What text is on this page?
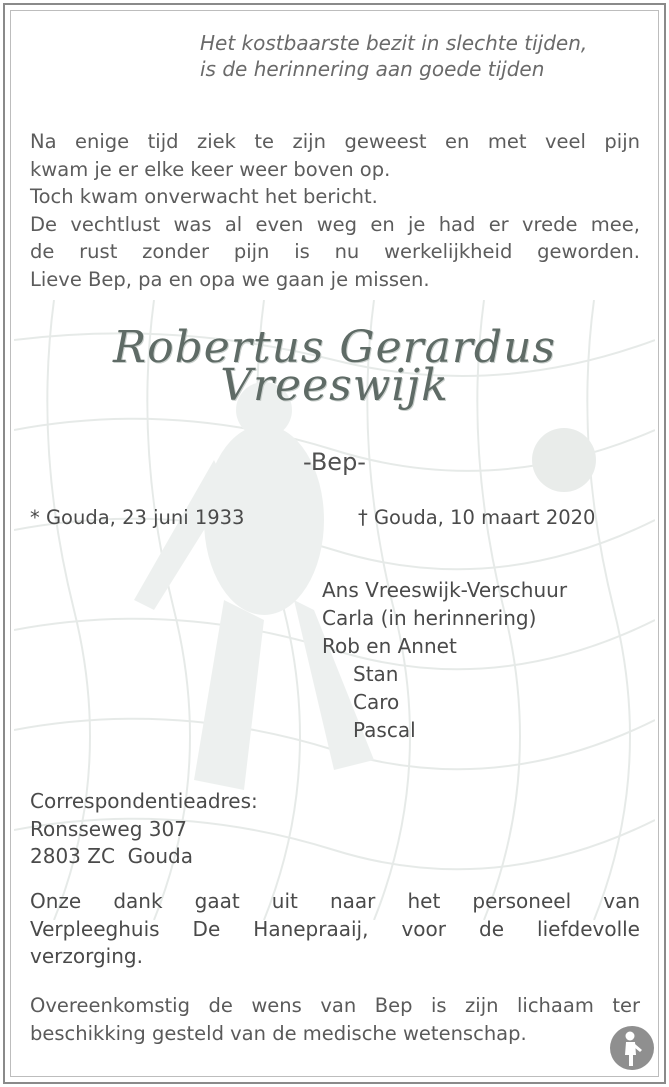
Het kostbaarste bezit in slechte tijden,
is de herinnering aan goede tijden
Na enige tijd ziek te zijn geweest en met veel pijn
kwam je er elke keer weer boven op.
Toch kwam onverwacht het bericht.
De vechtlust was al even weg en je had er vrede mee,
de rust zonder pijn is nu werkelijkheid geworden.
Lieve Bep, pa en opa we gaan je missen.
Robertus Gerardus
Vreeswijk
-Bep-
* Gouda, 23 juni 1933	† Gouda, 10 maart 2020
Ans Vreeswijk-Verschuur
Carla (in herinnering)
Rob en Annet
Stan
Caro
Pascal
Correspondentieadres:
Ronsseweg 307
2803 ZC  Gouda
Onze dank gaat uit naar het personeel van
Verpleeghuis De Hanepraaij, voor de liefdevolle
verzorging.
Overeenkomstig de wens van Bep is zijn lichaam ter
beschikking gesteld van de medische wetenschap.
